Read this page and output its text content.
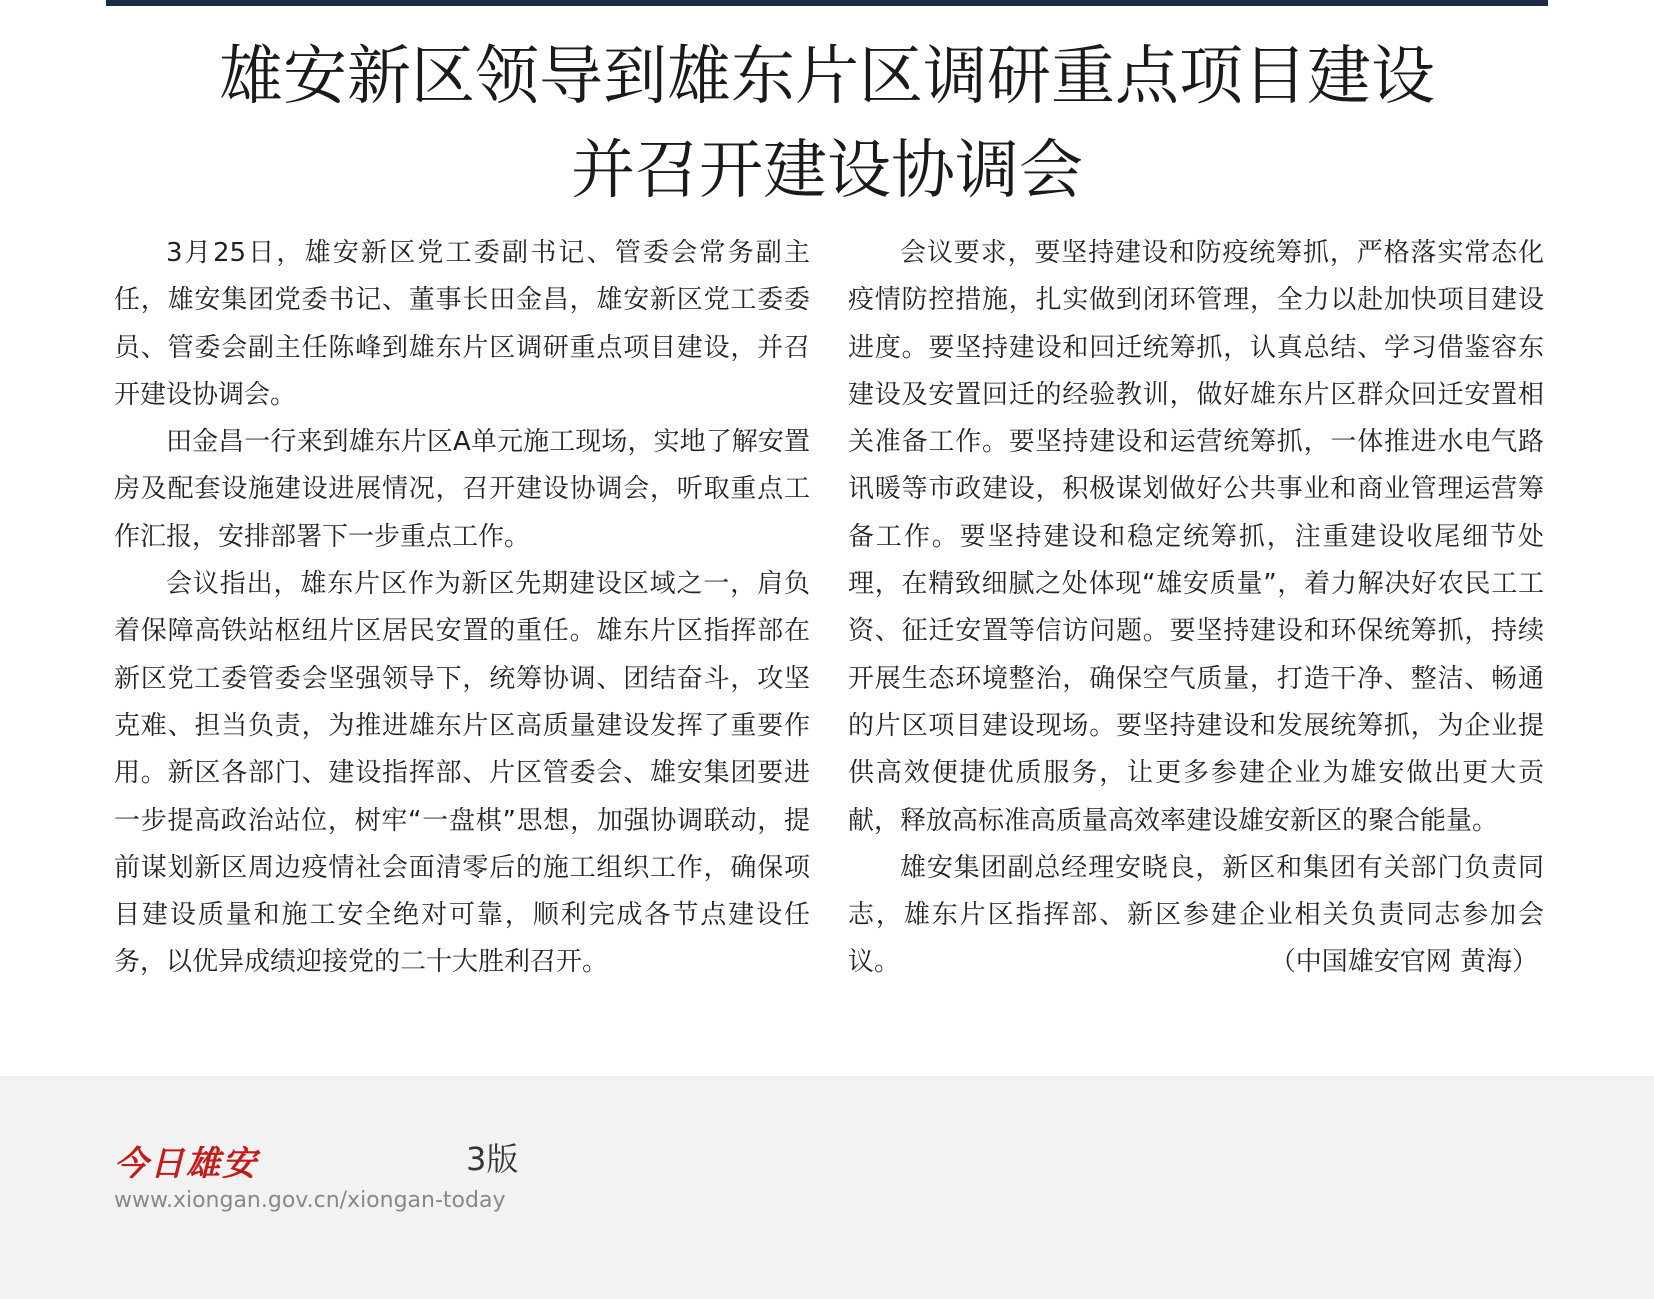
雄安新区领导到雄东片区调研重点项目建设
并召开建设协调会

3月25日，雄安新区党工委副书记、管委会常务副主任，雄安集团党委书记、董事长田金昌，雄安新区党工委委员、管委会副主任陈峰到雄东片区调研重点项目建设，并召开建设协调会。

田金昌一行来到雄东片区A单元施工现场，实地了解安置房及配套设施建设进展情况，召开建设协调会，听取重点工作汇报，安排部署下一步重点工作。

会议指出，雄东片区作为新区先期建设区域之一，肩负着保障高铁站枢纽片区居民安置的重任。雄东片区指挥部在新区党工委管委会坚强领导下，统筹协调、团结奋斗，攻坚克难、担当负责，为推进雄东片区高质量建设发挥了重要作用。新区各部门、建设指挥部、片区管委会、雄安集团要进一步提高政治站位，树牢“一盘棋”思想，加强协调联动，提前谋划新区周边疫情社会面清零后的施工组织工作，确保项目建设质量和施工安全绝对可靠，顺利完成各节点建设任务，以优异成绩迎接党的二十大胜利召开。

会议要求，要坚持建设和防疫统筹抓，严格落实常态化疫情防控措施，扎实做到闭环管理，全力以赴加快项目建设进度。要坚持建设和回迁统筹抓，认真总结、学习借鉴容东建设及安置回迁的经验教训，做好雄东片区群众回迁安置相关准备工作。要坚持建设和运营统筹抓，一体推进水电气路讯暖等市政建设，积极谋划做好公共事业和商业管理运营筹备工作。要坚持建设和稳定统筹抓，注重建设收尾细节处理，在精致细腻之处体现“雄安质量”，着力解决好农民工工资、征迁安置等信访问题。要坚持建设和环保统筹抓，持续开展生态环境整治，确保空气质量，打造干净、整洁、畅通的片区项目建设现场。要坚持建设和发展统筹抓，为企业提供高效便捷优质服务，让更多参建企业为雄安做出更大贡献，释放高标准高质量高效率建设雄安新区的聚合能量。

雄安集团副总经理安晓良，新区和集团有关部门负责同志，雄东片区指挥部、新区参建企业相关负责同志参加会议。	（中国雄安官网 黄海）

今日雄安	3版
www.xiongan.gov.cn/xiongan-today
